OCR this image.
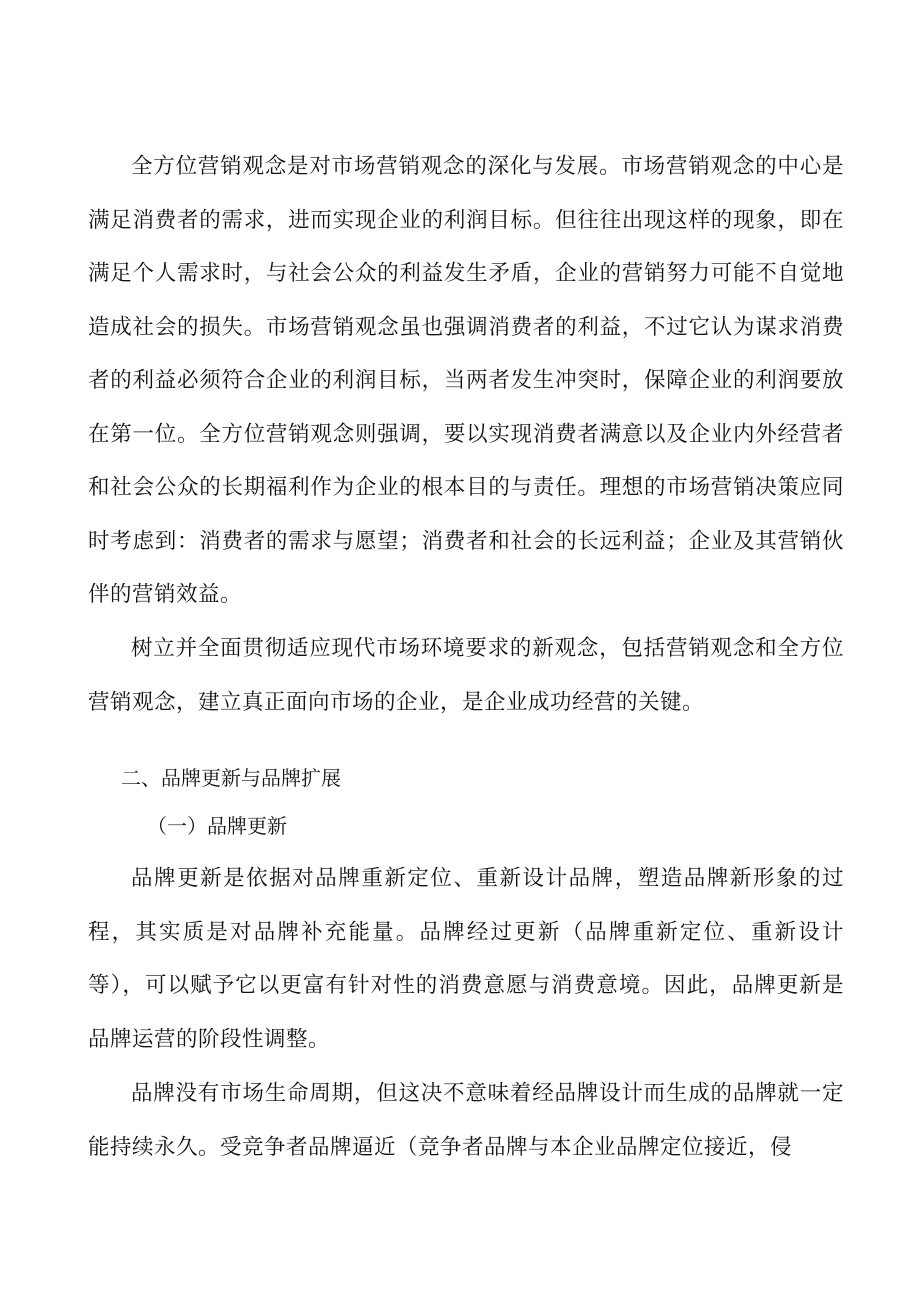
全方位营销观念是对市场营销观念的深化与发展。市场营销观念的中心是满足消费者的需求，进而实现企业的利润目标。但往往出现这样的现象，即在满足个人需求时，与社会公众的利益发生矛盾，企业的营销努力可能不自觉地造成社会的损失。市场营销观念虽也强调消费者的利益，不过它认为谋求消费者的利益必须符合企业的利润目标，当两者发生冲突时，保障企业的利润要放在第一位。全方位营销观念则强调，要以实现消费者满意以及企业内外经营者和社会公众的长期福利作为企业的根本目的与责任。理想的市场营销决策应同时考虑到：消费者的需求与愿望；消费者和社会的长远利益；企业及其营销伙伴的营销效益。

树立并全面贯彻适应现代市场环境要求的新观念，包括营销观念和全方位营销观念，建立真正面向市场的企业，是企业成功经营的关键。

二、品牌更新与品牌扩展
（一）品牌更新

品牌更新是依据对品牌重新定位、重新设计品牌，塑造品牌新形象的过程，其实质是对品牌补充能量。品牌经过更新（品牌重新定位、重新设计等），可以赋予它以更富有针对性的消费意愿与消费意境。因此，品牌更新是品牌运营的阶段性调整。

品牌没有市场生命周期，但这决不意味着经品牌设计而生成的品牌就一定能持续永久。受竞争者品牌逼近（竞争者品牌与本企业品牌定位接近，侵
